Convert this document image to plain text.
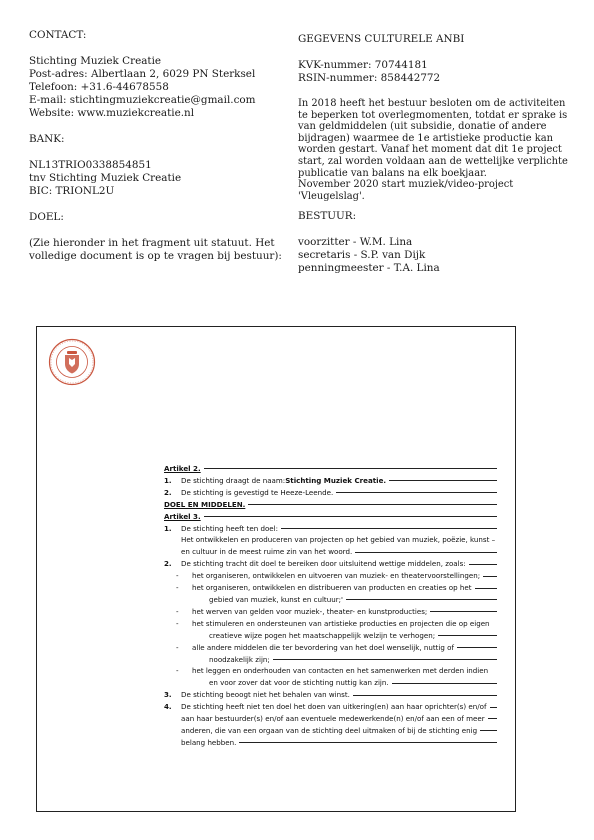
CONTACT:
Stichting Muziek Creatie
Post-adres: Albertlaan 2, 6029 PN Sterksel
Telefoon: +31.6-44678558
E-mail: stichtingmuziekcreatie@gmail.com
Website: www.muziekcreatie.nl
BANK:
NL13TRIO0338854851
tnv Stichting Muziek Creatie
BIC: TRIONL2U
DOEL:
(Zie hieronder in het fragment uit statuut. Het
volledige document is op te vragen bij bestuur):
GEGEVENS CULTURELE ANBI
KVK-nummer: 70744181
RSIN-nummer: 858442772
In 2018 heeft het bestuur besloten om de activiteiten te beperken tot overlegmomenten, totdat er sprake is van geldmiddelen (uit subsidie, donatie of andere bijdragen) waarmee de 1e artistieke productie kan worden gestart. Vanaf het moment dat dit 1e project start, zal worden voldaan aan de wettelijke verplichte publicatie van balans na elk boekjaar.
November 2020 start muziek/video-project 'Vleugelslag'.
BESTUUR:
voorzitter - W.M. Lina
secretaris - S.P. van Dijk
penningmeester - T.A. Lina
Artikel 2.
1.	De stichting draagt de naam: Stichting Muziek Creatie.
2.	De stichting is gevestigd te Heeze-Leende.
DOEL EN MIDDELEN.
Artikel 3.
1.	De stichting heeft ten doel:
Het ontwikkelen en produceren van projecten op het gebied van muziek, poëzie, kunst –
en cultuur in de meest ruime zin van het woord.
2.	De stichting tracht dit doel te bereiken door uitsluitend wettige middelen, zoals:
-	het organiseren, ontwikkelen en uitvoeren van muziek- en theatervoorstellingen;
-	het organiseren, ontwikkelen en distribueren van producten en creaties op het
gebied van muziek, kunst en cultuur;'
-	het werven van gelden voor muziek-, theater- en kunstproducties;
-	het stimuleren en ondersteunen van artistieke producties en projecten die op eigen
creatieve wijze pogen het maatschappelijk welzijn te verhogen;
-	alle andere middelen die ter bevordering van het doel wenselijk, nuttig of
noodzakelijk zijn;
-	het leggen en onderhouden van contacten en het samenwerken met derden indien
en voor zover dat voor de stichting nuttig kan zijn.
3.	De stichting beoogt niet het behalen van winst.
4.	De stichting heeft niet ten doel het doen van uitkering(en) aan haar oprichter(s) en/of
aan haar bestuurder(s) en/of aan eventuele medewerkende(n) en/of aan een of meer
anderen, die van een orgaan van de stichting deel uitmaken of bij de stichting enig
belang hebben.
